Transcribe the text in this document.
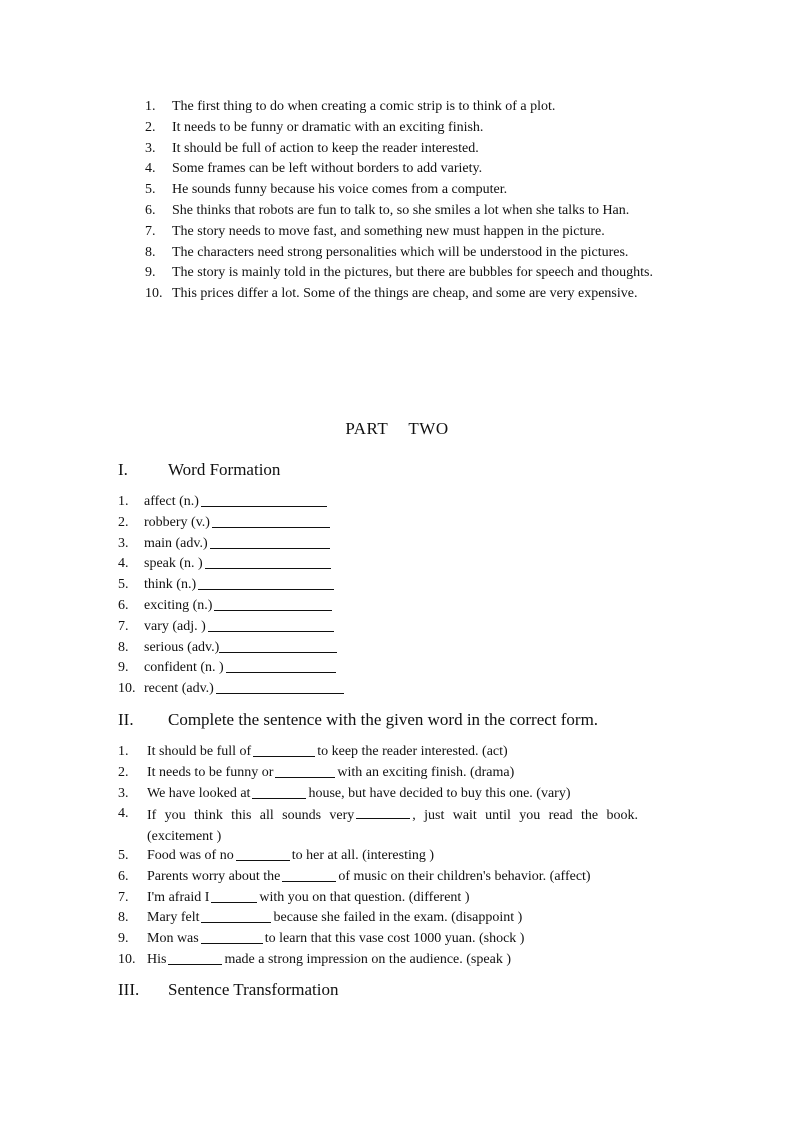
1.	The first thing to do when creating a comic strip is to think of a plot.
2.	It needs to be funny or dramatic with an exciting finish.
3.	It should be full of action to keep the reader interested.
4.	Some frames can be left without borders to add variety.
5.	He sounds funny because his voice comes from a computer.
6.	She thinks that robots are fun to talk to, so she smiles a lot when she talks to Han.
7.	The story needs to move fast, and something new must happen in the picture.
8.	The characters need strong personalities which will be understood in the pictures.
9.	The story is mainly told in the pictures, but there are bubbles for speech and thoughts.
10. This prices differ a lot. Some of the things are cheap, and some are very expensive.
PART TWO
I.	Word Formation
1.	affect (n.)
2.	robbery (v.)
3.	main (adv.)
4.	speak (n. )
5.	think (n.)
6.	exciting (n.)
7.	vary (adj. )
8.	serious (adv.)
9.	confident (n. )
10. recent (adv.)
II.	Complete the sentence with the given word in the correct form.
1.	It should be full of	to keep the reader interested. (act)
2.	It needs to be funny or	with an exciting finish. (drama)
3.	We have looked at	house, but have decided to buy this one. (vary)
4.	If you think this all sounds very	, just wait until you read the book. (excitement )
5.	Food was of no	to her at all. (interesting )
6.	Parents worry about the	of music on their children's behavior. (affect)
7.	I'm afraid I	with you on that question. (different )
8.	Mary felt	because she failed in the exam. (disappoint )
9.	Mon was	to learn that this vase cost 1000 yuan. (shock )
10. His	made a strong impression on the audience. (speak )
III.	Sentence Transformation
